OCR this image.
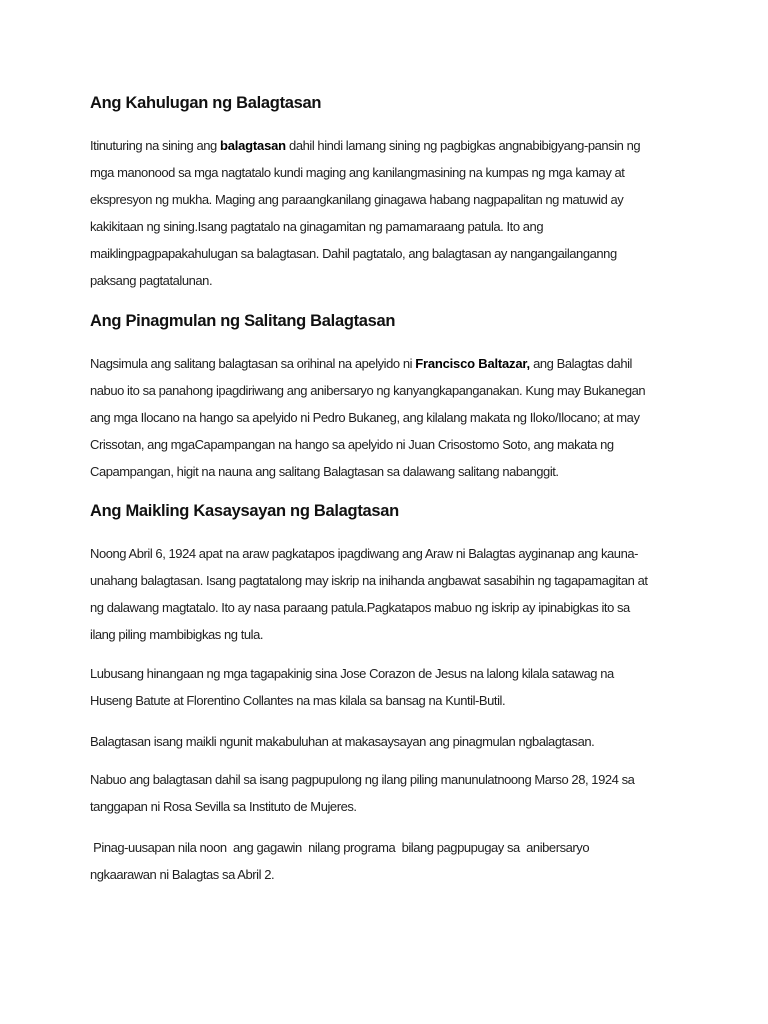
Ang Kahulugan ng Balagtasan

Itinuturing na sining ang balagtasan dahil hindi lamang sining ng pagbigkas angnabibigyang-pansin ng
mga manonood sa mga nagtatalo kundi maging ang kanilangmasining na kumpas ng mga kamay at
ekspresyon ng mukha. Maging ang paraangkanilang ginagawa habang nagpapalitan ng matuwid ay
kakikitaan ng sining.Isang pagtatalo na ginagamitan ng pamamaraang patula. Ito ang
maiklingpagpapakahulugan sa balagtasan. Dahil pagtatalo, ang balagtasan ay nangangailanganng
paksang pagtatalunan.

Ang Pinagmulan ng Salitang Balagtasan

Nagsimula ang salitang balagtasan sa orihinal na apelyido ni Francisco Baltazar, ang Balagtas dahil
nabuo ito sa panahong ipagdiriwang ang anibersaryo ng kanyangkapanganakan. Kung may Bukanegan
ang mga Ilocano na hango sa apelyido ni Pedro Bukaneg, ang kilalang makata ng Iloko/Ilocano; at may
Crissotan, ang mgaCapampangan na hango sa apelyido ni Juan Crisostomo Soto, ang makata ng
Capampangan, higit na nauna ang salitang Balagtasan sa dalawang salitang nabanggit.

Ang Maikling Kasaysayan ng Balagtasan

Noong Abril 6, 1924 apat na araw pagkatapos ipagdiwang ang Araw ni Balagtas ayginanap ang kauna-
unahang balagtasan. Isang pagtatalong may iskrip na inihanda angbawat sasabihin ng tagapamagitan at
ng dalawang magtatalo. Ito ay nasa paraang patula.Pagkatapos mabuo ng iskrip ay ipinabigkas ito sa
ilang piling mambibigkas ng tula.

Lubusang hinangaan ng mga tagapakinig sina Jose Corazon de Jesus na lalong kilala satawag na
Huseng Batute at Florentino Collantes na mas kilala sa bansag na Kuntil-Butil.

Balagtasan isang maikli ngunit makabuluhan at makasaysayan ang pinagmulan ngbalagtasan.

Nabuo ang balagtasan dahil sa isang pagpupulong ng ilang piling manunulatnoong Marso 28, 1924 sa
tanggapan ni Rosa Sevilla sa Instituto de Mujeres.

Pinag-uusapan nila noon  ang gagawin  nilang programa  bilang pagpupugay sa  anibersaryo
ngkaarawan ni Balagtas sa Abril 2.
